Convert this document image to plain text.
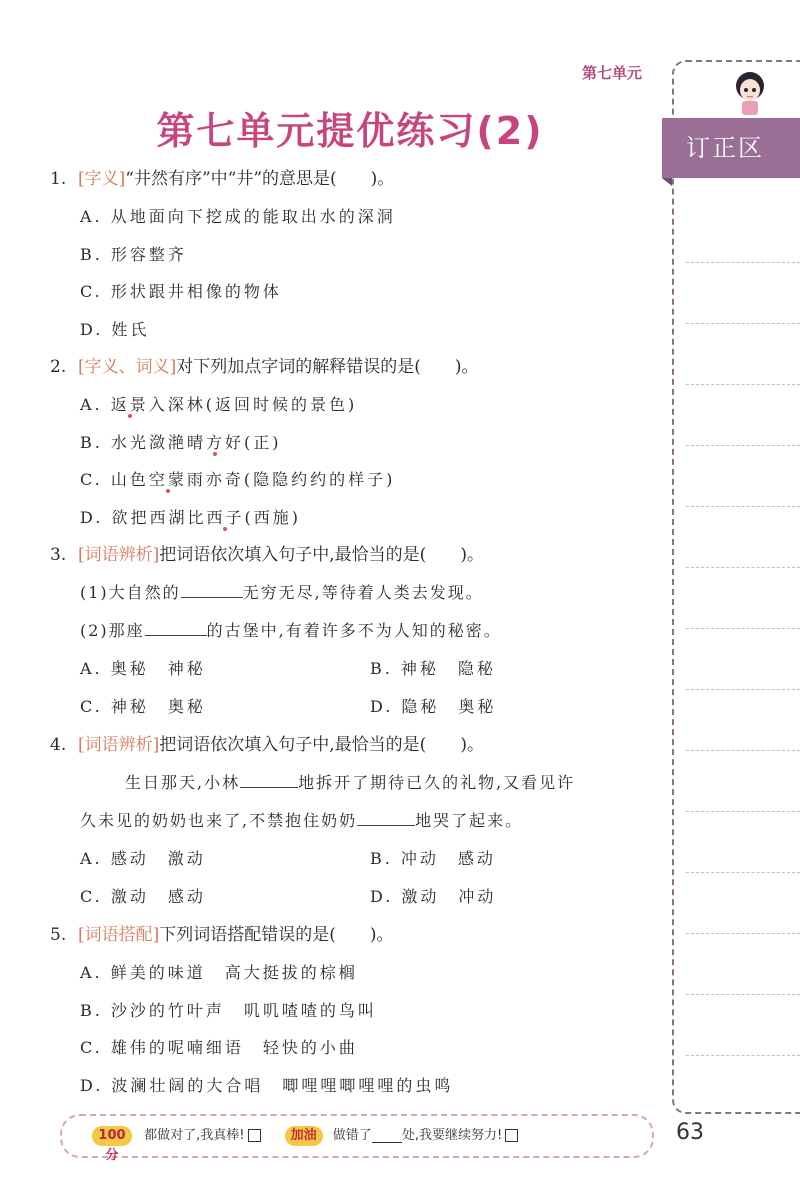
第七单元
第七单元提优练习(2)	订正区
1. [字义]“井然有序”中“井”的意思是(　　)。
A. 从地面向下挖成的能取出水的深洞
B. 形容整齐
C. 形状跟井相像的物体
D. 姓氏
2. [字义、词义]对下列加点字词的解释错误的是(　　)。
A. 返景入深林(返回时候的景色)
B. 水光潋滟晴方好(正)
C. 山色空蒙雨亦奇(隐隐约约的样子)
D. 欲把西湖比西子(西施)
3. [词语辨析]把词语依次填入句子中,最恰当的是(　　)。
(1)大自然的	无穷无尽,等待着人类去发现。
(2)那座	的古堡中,有着许多不为人知的秘密。
A. 奥秘　神秘	B. 神秘　隐秘
C. 神秘　奥秘	D. 隐秘　奥秘
4. [词语辨析]把词语依次填入句子中,最恰当的是(　　)。
生日那天,小林	地拆开了期待已久的礼物,又看见许
久未见的奶奶也来了,不禁抱住奶奶	地哭了起来。
A. 感动　激动	B. 冲动　感动
C. 激动　感动	D. 激动　冲动
5. [词语搭配]下列词语搭配错误的是(　　)。
A. 鲜美的味道　高大挺拔的棕榈
B. 沙沙的竹叶声　叽叽喳喳的鸟叫
C. 雄伟的呢喃细语　轻快的小曲
D. 波澜壮阔的大合唱　唧哩哩唧哩哩的虫鸣
100分 都做对了,我真棒!	加油 做错了 处,我要继续努力!	63
